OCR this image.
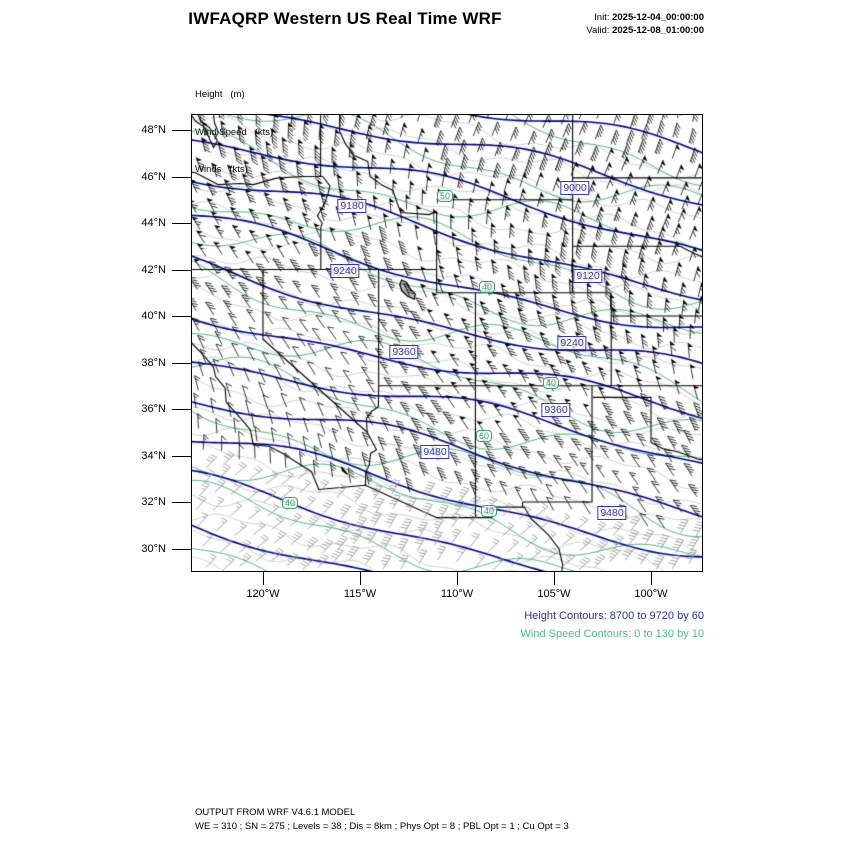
IWFAQRP Western US Real Time WRF	Init: 2025-12-04_00:00:00
Valid: 2025-12-08_01:00:00

Height   (m)

9180
9000
9240	9120
9360
9240
9360
9480
9480
50
40
40
60
40
40
Height Contours: 8700 to 9720 by 60
Wind Speed Contours: 0 to 130 by 10
OUTPUT FROM WRF V4.6.1 MODEL
WE = 310 ; SN = 275 ; Levels = 38 ; Dis = 8km ; Phys Opt = 8 ; PBL Opt = 1 ; Cu Opt = 3
48°N
46°N
44°N
42°N
40°N
38°N
36°N
34°N
32°N
30°N
120°W	115°W	110°W	105°W	100°W
